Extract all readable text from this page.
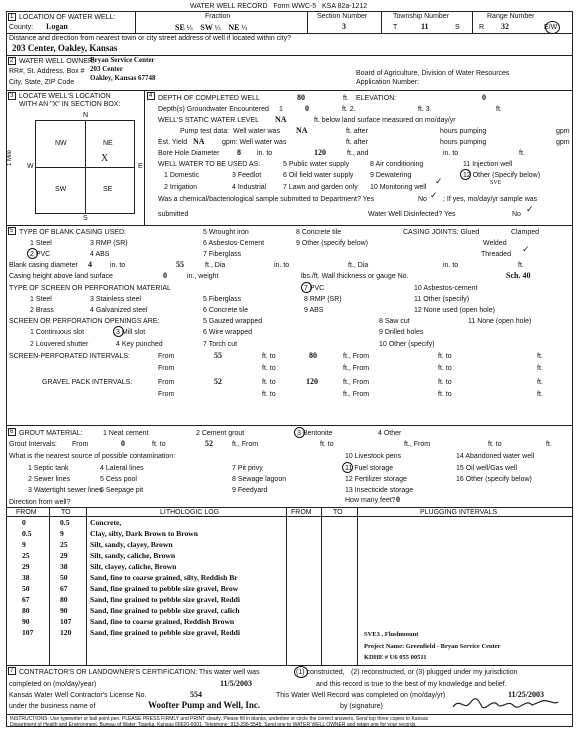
WATER WELL RECORD Form WWC-5 KSA 82a-1212
1 LOCATION OF WATER WELL:
County: Logan
Fraction
SE ¼ SW ¼ NE ¼
Section Number
3
Township Number
T	11	S
Range Number
R 32	E/W
Distance and direction from nearest town or city street address of well if located within city?
203 Center, Oakley, Kansas
2 WATER WELL OWNER:
Bryan Service Center
RR#, St. Address, Box # 203 Center
Oakley, Kansas 67748
City, State, ZIP Code
Board of Agriculture, Division of Water Resources
Application Number:
3 LOCATE WELL'S LOCATION
WITH AN "X" IN SECTION BOX:
N
S
W	E
NW	NE
SW	SE
X
1 Mile
4 DEPTH OF COMPLETED WELL	80	ft. ELEVATION:	0
Depth(s) Groundwater Encountered 1	0	ft. 2.	ft. 3.	ft.
WELL'S STATIC WATER LEVEL NA	ft. below land surface measured on mo/day/yr
Pump test data: Well water was NA	ft. after	hours pumping	gpm
Est. Yield NA gpm: Well water was	ft. after	hours pumping	gpm
Bore Hole Diameter 8 in. to	120	ft., and	in. to	ft.
WELL WATER TO BE USED AS:	5 Public water supply	8 Air conditioning	11 Injection well
1 Domestic	3 Feedlot	6 Oil field water supply 9 Dewatering	12 Other (Specify below)
SVE
2 Irrigation	4 Industrial 7 Lawn and garden only 10 Monitoring well
✓
Was a chemical/bacteriological sample submitted to Department? Yes	No ✓ ; If yes, mo/day/yr sample was
submitted	Water Well Disinfected? Yes	No ✓
5 TYPE OF BLANK CASING USED:	5 Wrought iron	8 Concrete tile	CASING JOINTS: Glued	Clamped
1 Steel	3 RMP (SR)	6 Asbestos-Cement	9 Other (specify below)	Welded
2 PVC	4 ABS	7 Fiberglass	Threaded ✓
Blank casing diameter 4	in. to	55	ft., Dia	in. to	ft., Dia	in. to	ft.
Casing height above land surface	0	in., weight	lbs./ft. Wall thickness or gauge No.	Sch. 40
TYPE OF SCREEN OR PERFORATION MATERIAL
1 Steel	3 Stainless steel	5 Fiberglass
7 PVC	10 Asbestos-cement
8 RMP (SR)	11 Other (specify)
2 Brass	4 Galvanized steel	6 Concrete tile	9 ABS	12 None used (open hole)
SCREEN OR PERFORATION OPENINGS ARE:	5 Gauzed wrapped	8 Saw cut	11 None (open hole)
1 Continuous slot	3 Mill slot	6 Wire wrapped	9 Drilled holes
2 Louvered shutter	4 Key punched	7 Torch cut	10 Other (specify)
SCREEN-PERFORATED INTERVALS:	From	55	ft. to	80	ft., From	ft. to	ft.
From	ft. to	ft., From	ft. to	ft.
GRAVEL PACK INTERVALS:	From	52	ft. to	120	ft., From	ft. to	ft.
From	ft. to	ft., From	ft. to	ft.
6 GROUT MATERIAL:	1 Neat cement	2 Cement grout	3 Bentonite	4 Other
Grout Intervals: From	0	ft. to	52	ft., From	ft. to	ft., From	ft. to	ft.
What is the nearest source of possible contamination:	10 Livestock pens	14 Abandoned water well
1 Septic tank	4 Lateral lines	7 Pit privy	11 Fuel storage	15 Oil well/Gas well
2 Sewer lines	5 Cess pool	8 Sewage lagoon	12 Fertilizer storage	16 Other (specify below)
3 Watertight sewer lines
6 Seepage pit	9 Feedyard	13 Insecticide storage
How many feet? 0
Direction from well?
FROM	TO	LITHOLOGIC LOG	FROM	TO	PLUGGING INTERVALS
0	0.5	Concrete,
0.5	9	Clay, silty, Dark Brown to Brown
9	25	Silt, sandy, clayey, Brown
25	29	Silt, sandy, caliche, Brown
29	38	Silt, clayey, caliche, Brown
38	50	Sand, fine to coarse grained, silty, Reddish Br
50	67	Sand, fine grained to pebble size gravel, Brow
67	80	Sand, fine grained to pebble size gravel, Reddi
80	90	Sand, fine grained to pebble size gravel, calich
90	107 Sand, fine to coarse grained, Reddish Brown
107	120 Sand, fine grained to pebble size gravel, Reddi	SVE3 , Flushmount
Project Name: Greenfield - Bryan Service Center
KDHE # U6 055 00511
7 CONTRACTOR'S OR LANDOWNER'S CERTIFICATION: This water well was	(1) constructed, (2) reconstructed, or (3) plugged under my jurisdiction
completed on (mo/day/year)	11/5/2003	and this record is true to the best of my knowledge and belief.
Kansas Water Well Contractor's License No.	554	This Water Well Record was completed on (mo/day/yr)	11/25/2003
under the business name of	Woofter Pump and Well, Inc.	by (signature)
INSTRUCTIONS: Use typewriter or ball point pen. PLEASE PRESS FIRMLY and PRINT clearly. Please fill in blanks, underline or circle the correct answers. Send top three copies to Kansas
Department of Health and Environment, Bureau of Water, Topeka, Kansas 66620-0001. Telephone: 913-296-5545. Send one to WATER WELL OWNER and retain one for your records.
